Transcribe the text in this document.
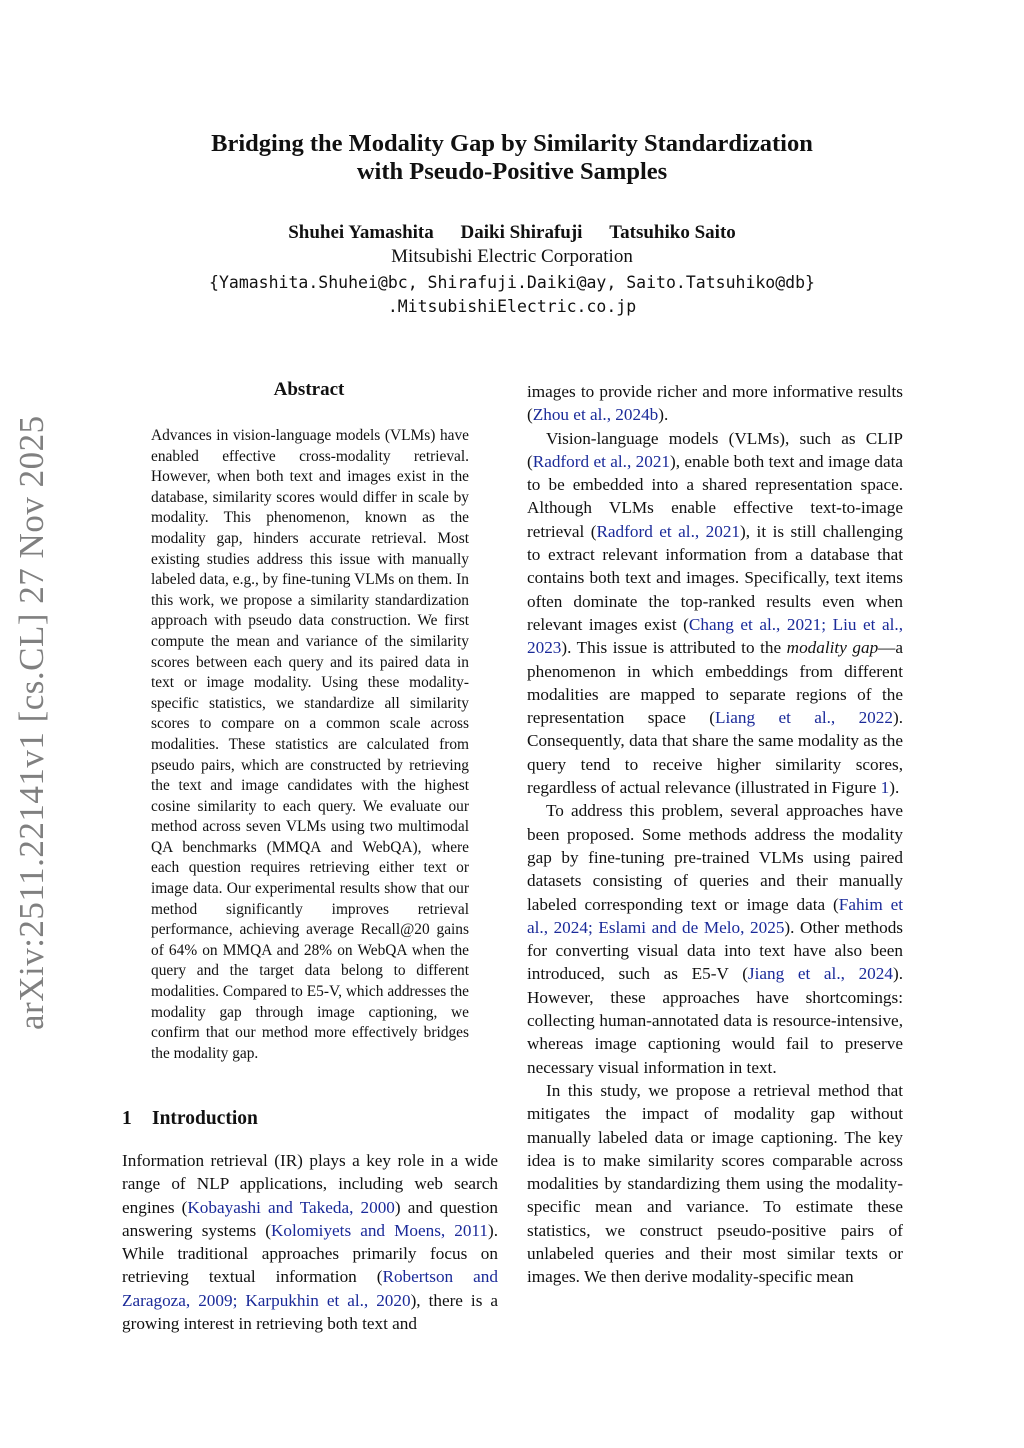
arXiv:2511.22141v1 [cs.CL] 27 Nov 2025
Bridging the Modality Gap by Similarity Standardization
with Pseudo-Positive Samples
Shuhei Yamashita Daiki Shirafuji Tatsuhiko Saito
Mitsubishi Electric Corporation
{Yamashita.Shuhei@bc, Shirafuji.Daiki@ay, Saito.Tatsuhiko@db}
.MitsubishiElectric.co.jp
Abstract
Advances in vision-language models (VLMs) have enabled effective cross-modality retrieval. However, when both text and images exist in the database, similarity scores would differ in scale by modality. This phenomenon, known as the modality gap, hinders accurate retrieval. Most existing studies address this issue with manually labeled data, e.g., by fine-tuning VLMs on them. In this work, we propose a similarity standardization approach with pseudo data construction. We first compute the mean and variance of the similarity scores between each query and its paired data in text or image modality. Using these modality-specific statistics, we standardize all similarity scores to compare on a common scale across modalities. These statistics are calculated from pseudo pairs, which are constructed by retrieving the text and image candidates with the highest cosine similarity to each query. We evaluate our method across seven VLMs using two multimodal QA benchmarks (MMQA and WebQA), where each question requires retrieving either text or image data. Our experimental results show that our method significantly improves retrieval performance, achieving average Recall@20 gains of 64% on MMQA and 28% on WebQA when the query and the target data belong to different modalities. Compared to E5-V, which addresses the modality gap through image captioning, we confirm that our method more effectively bridges the modality gap.
1 Introduction
Information retrieval (IR) plays a key role in a wide range of NLP applications, including web search engines (Kobayashi and Takeda, 2000) and question answering systems (Kolomiyets and Moens, 2011). While traditional approaches primarily focus on retrieving textual information (Robertson and Zaragoza, 2009; Karpukhin et al., 2020), there is a growing interest in retrieving both text and

images to provide richer and more informative results (Zhou et al., 2024b).

Vision-language models (VLMs), such as CLIP (Radford et al., 2021), enable both text and image data to be embedded into a shared representation space. Although VLMs enable effective text-to-image retrieval (Radford et al., 2021), it is still challenging to extract relevant information from a database that contains both text and images. Specifically, text items often dominate the top-ranked results even when relevant images exist (Chang et al., 2021; Liu et al., 2023). This issue is attributed to the modality gap—a phenomenon in which embeddings from different modalities are mapped to separate regions of the representation space (Liang et al., 2022). Consequently, data that share the same modality as the query tend to receive higher similarity scores, regardless of actual relevance (illustrated in Figure 1).

To address this problem, several approaches have been proposed. Some methods address the modality gap by fine-tuning pre-trained VLMs using paired datasets consisting of queries and their manually labeled corresponding text or image data (Fahim et al., 2024; Eslami and de Melo, 2025). Other methods for converting visual data into text have also been introduced, such as E5-V (Jiang et al., 2024). However, these approaches have shortcomings: collecting human-annotated data is resource-intensive, whereas image captioning would fail to preserve necessary visual information in text.

In this study, we propose a retrieval method that mitigates the impact of modality gap without manually labeled data or image captioning. The key idea is to make similarity scores comparable across modalities by standardizing them using the modality-specific mean and variance. To estimate these statistics, we construct pseudo-positive pairs of unlabeled queries and their most similar texts or images. We then derive modality-specific mean
